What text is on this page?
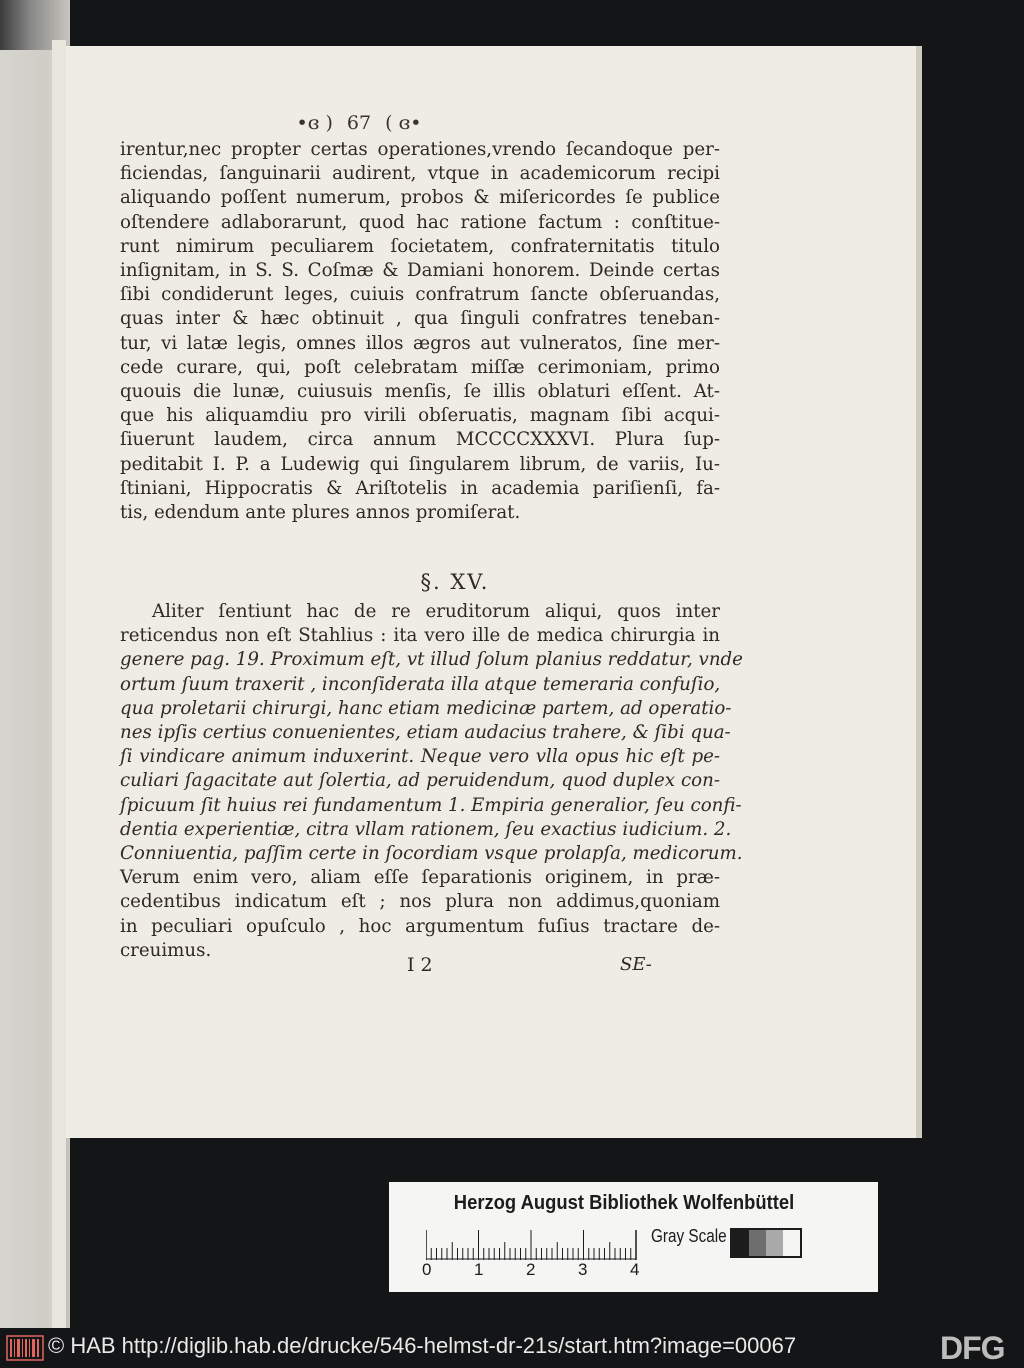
•ɞ ) 67 ( ɞ•
irentur,nec propter certas operationes,vrendo ſecandoque per-
ficiendas, ſanguinarii audirent, vtque in academicorum recipi
aliquando poſſent numerum, probos & miſericordes ſe publice
oſtendere adlaborarunt, quod hac ratione factum : conſtitue-
runt nimirum peculiarem ſocietatem, confraternitatis titulo
inſignitam, in S. S. Coſmæ & Damiani honorem. Deinde certas
ſibi condiderunt leges, cuiuis confratrum ſancte obſeruandas,
quas inter & hæc obtinuit , qua ſinguli confratres teneban-
tur, vi latæ legis, omnes illos ægros aut vulneratos, ſine mer-
cede curare, qui, poſt celebratam miſſæ cerimoniam, primo
quouis die lunæ, cuiusuis menſis, ſe illis oblaturi eſſent. At-
que his aliquamdiu pro virili obſeruatis, magnam ſibi acqui-
ſiuerunt laudem, circa annum MCCCCXXXVI. Plura ſup-
peditabit I. P. a Ludewig qui ſingularem librum, de variis, Iu-
ſtiniani, Hippocratis & Ariſtotelis in academia pariſienſi, fa-
tis, edendum ante plures annos promiſerat.
§. XV.
Aliter ſentiunt hac de re eruditorum aliqui, quos inter
reticendus non eſt Stahlius : ita vero ille de medica chirurgia in
genere pag. 19. Proximum eſt, vt illud ſolum planius reddatur, vnde
ortum ſuum traxerit , inconſiderata illa atque temeraria confuſio,
qua proletarii chirurgi, hanc etiam medicinæ partem, ad operatio-
nes ipſis certius conuenientes, etiam audacius trahere, & ſibi qua-
ſi vindicare animum induxerint. Neque vero vlla opus hic eſt pe-
culiari ſagacitate aut ſolertia, ad peruidendum, quod duplex con-
ſpicuum ſit huius rei fundamentum 1. Empiria generalior, ſeu confi-
dentia experientiæ, citra vllam rationem, ſeu exactius iudicium. 2.
Conniuentia, paſſim certe in ſocordiam vsque prolapſa, medicorum.
Verum enim vero, aliam eſſe ſeparationis originem, in præ-
cedentibus indicatum eſt ; nos plura non addimus,quoniam
in peculiari opuſculo , hoc argumentum fuſius tractare de-
creuimus.
I 2	SE-
Herzog August Bibliothek Wolfenbüttel
0	1	2	3	4
Gray Scale
© HAB http://diglib.hab.de/drucke/546-helmst-dr-21s/start.htm?image=00067	DFG
